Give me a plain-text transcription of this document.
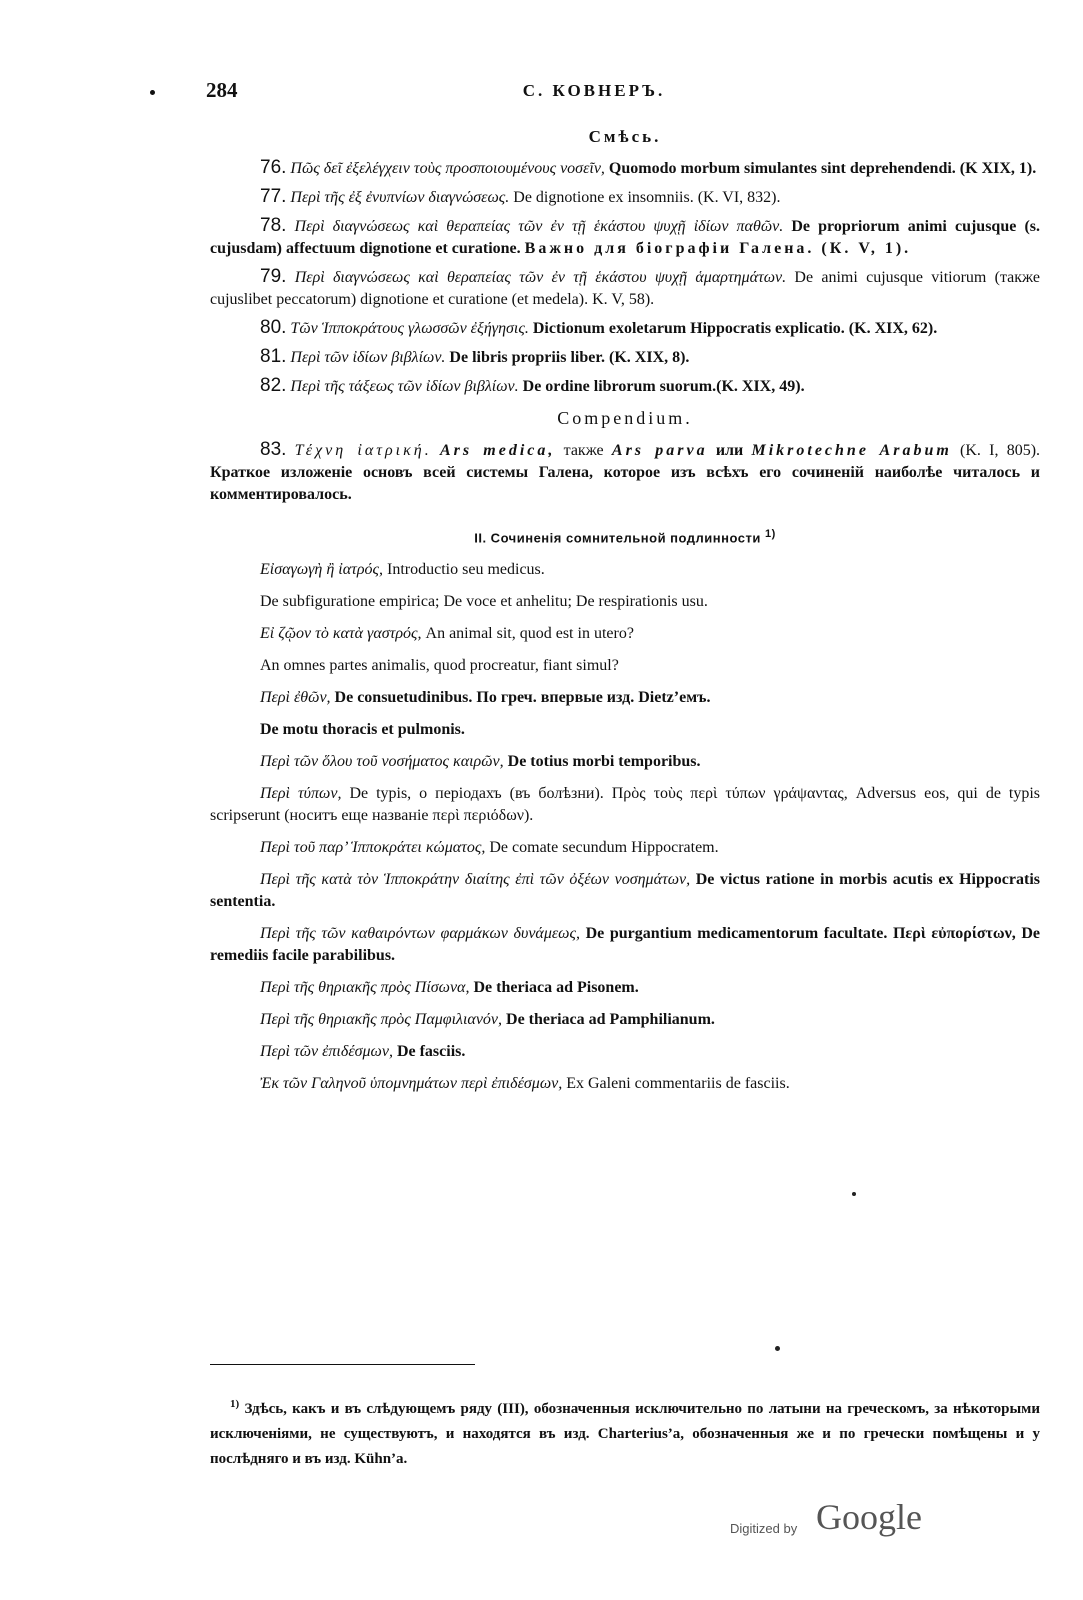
284	С. КОВНЕРЪ.
Смѣсь.
76. Πῶς δεῖ ἐξελέγχειν τοὺς προσποιουμένους νοσεῖν, Quomodo morbum simulantes sint deprehendendi. (K XIX, 1).
77. Περὶ τῆς ἐξ ἐνυπνίων διαγνώσεως. De dignotione ex insomniis. (K. VI, 832).
78. Περὶ διαγνώσεως καὶ θεραπείας τῶν ἐν τῇ ἑκάστου ψυχῇ ἰδίων παθῶν. De propriorum animi cujusque (s. cujusdam) affectuum dignotione et curatione. Важно для біографіи Галена. (К. V, 1).
79. Περὶ διαγνώσεως καὶ θεραπείας τῶν ἐν τῇ ἑκάστου ψυχῇ ἁμαρτημάτων. De animi cujusque vitiorum (также cujuslibet peccatorum) dignotione et curatione (et medela). K. V, 58).
80. Τῶν Ἱπποκράτους γλωσσῶν ἐξήγησις. Dictionum exoletarum Hippocratis explicatio. (K. XIX, 62).
81. Περὶ τῶν ἰδίων βιβλίων. De libris propriis liber. (K. XIX, 8).
82. Περὶ τῆς τάξεως τῶν ἰδίων βιβλίων. De ordine librorum suorum.(K. XIX, 49).
Compendium.
83. Τέχνη ἰατρική. Ars medica, также Ars parva или Mikrotechne Arabum (K. I, 805). Краткое изложеніе основъ всей системы Галена, которое изъ всѣхъ его сочиненій наиболѣе читалось и комментировалось.
II. Сочиненія сомнительной подлинности $^{1)}$
Εἰσαγωγὴ ἢ ἰατρός, Introductio seu medicus.
De subfiguratione empirica; De voce et anhelitu; De respirationis usu.
Εἰ ζῷον τὸ κατὰ γαστρός, An animal sit, quod est in utero?
An omnes partes animalis, quod procreatur, fiant simul?
Περὶ ἐθῶν, De consuetudinibus. По греч. впервые изд. Dietz’емъ.
De motu thoracis et pulmonis.
Περὶ τῶν ὅλου τοῦ νοσήματος καιρῶν, De totius morbi temporibus.
Περὶ τύπων, De typis, о періодахъ (въ болѣзни). Πρὸς τοὺς περὶ τύπων γράψαντας, Adversus eos, qui de typis scripserunt (носитъ еще названіе περὶ περιόδων).
Περὶ τοῦ παρ’ Ἱπποκράτει κώματος, De comate secundum Hippocratem.
Περὶ τῆς κατὰ τὸν Ἱπποκράτην διαίτης ἐπὶ τῶν ὀξέων νοσημάτων, De victus ratione in morbis acutis ex Hippocratis sententia.
Περὶ τῆς τῶν καθαιρόντων φαρμάκων δυνάμεως, De purgantium medicamentorum facultate. Περὶ εὐπορίστων, De remediis facile parabilibus.
Περὶ τῆς θηριακῆς πρὸς Πίσωνα, De theriaca ad Pisonem.
Περὶ τῆς θηριακῆς πρὸς Παμφιλιανόν, De theriaca ad Pamphilianum.
Περὶ τῶν ἐπιδέσμων, De fasciis.
Ἐκ τῶν Γαληνοῦ ὑπομνημάτων περὶ ἐπιδέσμων, Ex Galeni commentariis de fasciis.
$^{1)}$ Здѣсь, какъ и въ слѣдующемъ ряду (III), обозначенныя исключительно по латыни на греческомъ, за нѣкоторыми исключеніями, не существуютъ, и находятся въ изд. Charterius’а, обозначенныя же и по гречески помѣщены и у послѣдняго и въ изд. Kühn’а.
Digitized by Google
